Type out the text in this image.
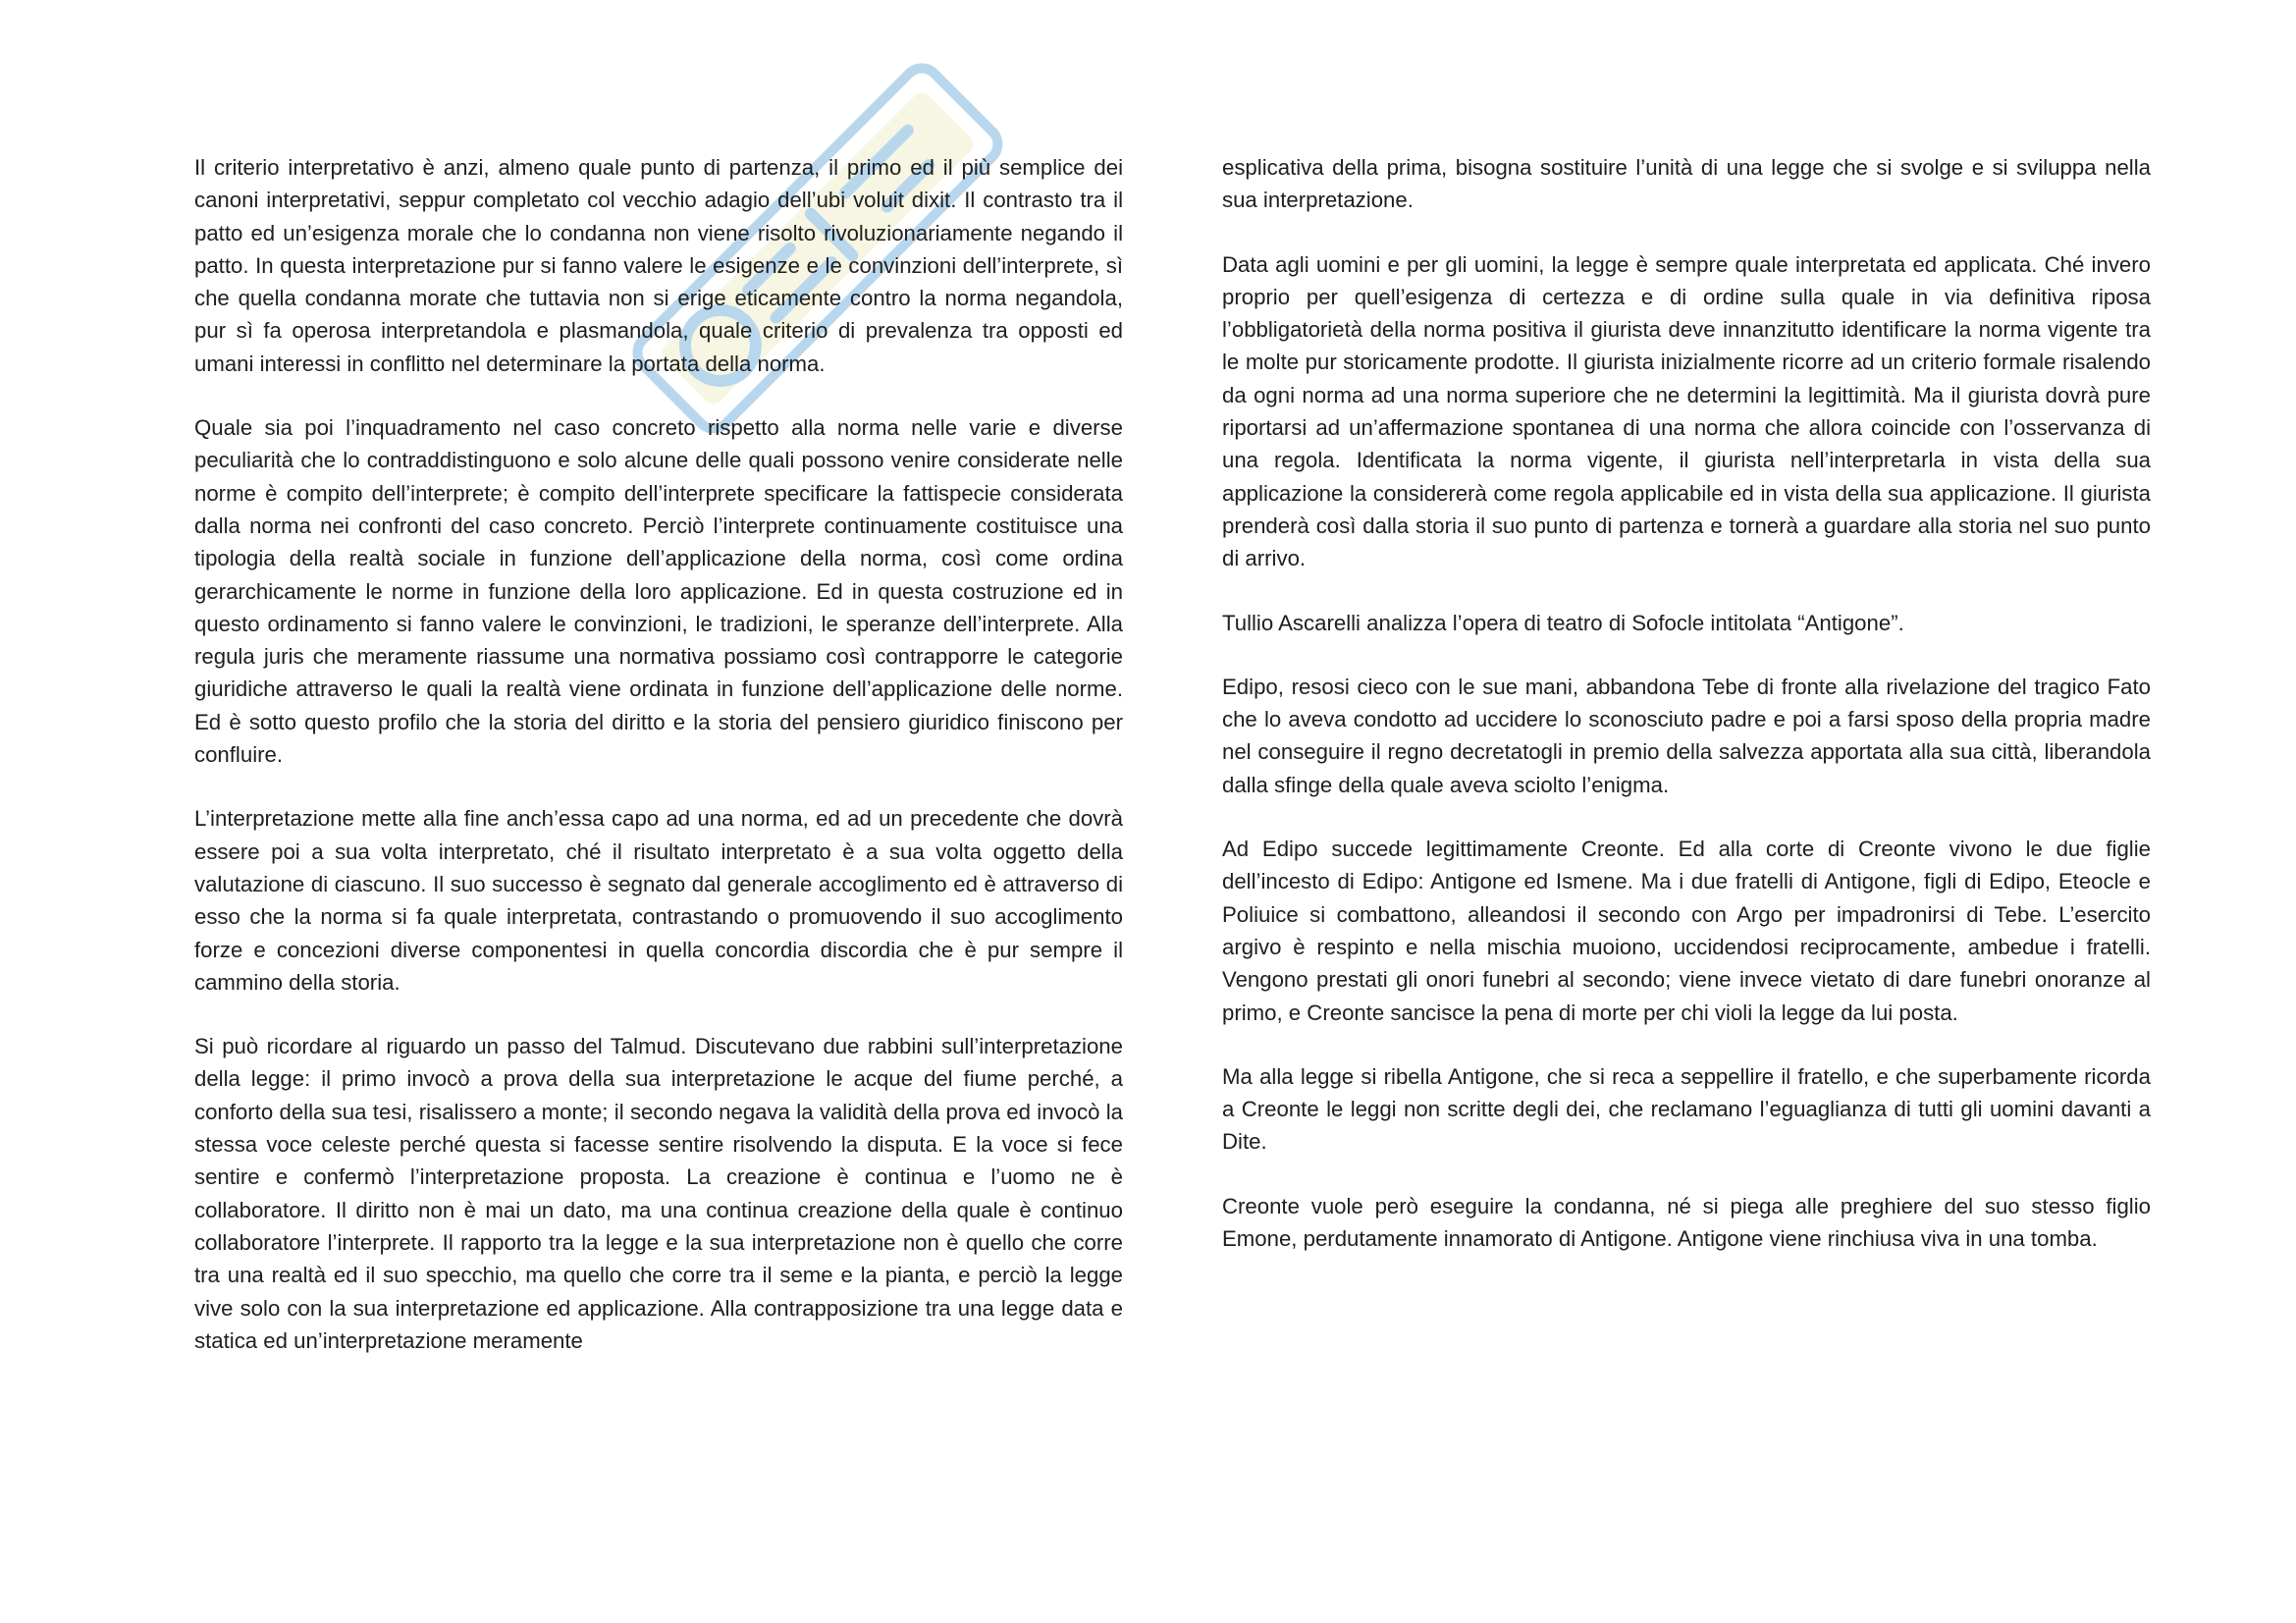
Il criterio interpretativo è anzi, almeno quale punto di partenza, il primo ed il più semplice dei canoni interpretativi, seppur completato col vecchio adagio dell’ubi voluit dixit. Il contrasto tra il patto ed un’esigenza morale che lo condanna non viene risolto rivoluzionariamente negando il patto. In questa interpretazione pur si fanno valere le esigenze e le convinzioni dell’interprete, sì che quella condanna morate che tuttavia non si erige eticamente contro la norma negandola, pur sì fa operosa interpretandola e plasmandola, quale criterio di prevalenza tra opposti ed umani interessi in conflitto nel determinare la portata della norma.

Quale sia poi l’inquadramento nel caso concreto rispetto alla norma nelle varie e diverse peculiarità che lo contraddistinguono e solo alcune delle quali possono venire considerate nelle norme è compito dell’interprete; è compito dell’interprete specificare la fattispecie considerata dalla norma nei confronti del caso concreto. Perciò l’interprete continuamente costituisce una tipologia della realtà sociale in funzione dell’applicazione della norma, così come ordina gerarchicamente le norme in funzione della loro applicazione. Ed in questa costruzione ed in questo ordinamento si fanno valere le convinzioni, le tradizioni, le speranze dell’interprete. Alla regula juris che meramente riassume una normativa possiamo così contrapporre le categorie giuridiche attraverso le quali la realtà viene ordinata in funzione dell’applicazione delle norme. Ed è sotto questo profilo che la storia del diritto e la storia del pensiero giuridico finiscono per confluire.

L’interpretazione mette alla fine anch’essa capo ad una norma, ed ad un precedente che dovrà essere poi a sua volta interpretato, ché il risultato interpretato è a sua volta oggetto della valutazione di ciascuno. Il suo successo è segnato dal generale accoglimento ed è attraverso di esso che la norma si fa quale interpretata, contrastando o promuovendo il suo accoglimento forze e concezioni diverse componentesi in quella concordia discordia che è pur sempre il cammino della storia.

Si può ricordare al riguardo un passo del Talmud. Discutevano due rabbini sull’interpretazione della legge: il primo invocò a prova della sua interpretazione le acque del fiume perché, a conforto della sua tesi, risalissero a monte; il secondo negava la validità della prova ed invocò la stessa voce celeste perché questa si facesse sentire risolvendo la disputa. E la voce si fece sentire e confermò l’interpretazione proposta. La creazione è continua e l’uomo ne è collaboratore. Il diritto non è mai un dato, ma una continua creazione della quale è continuo collaboratore l’interprete. Il rapporto tra la legge e la sua interpretazione non è quello che corre tra una realtà ed il suo specchio, ma quello che corre tra il seme e la pianta, e perciò la legge vive solo con la sua interpretazione ed applicazione. Alla contrapposizione tra una legge data e statica ed un’interpretazione meramente

esplicativa della prima, bisogna sostituire l’unità di una legge che si svolge e si sviluppa nella sua interpretazione.

Data agli uomini e per gli uomini, la legge è sempre quale interpretata ed applicata. Ché invero proprio per quell’esigenza di certezza e di ordine sulla quale in via definitiva riposa l’obbligatorietà della norma positiva il giurista deve innanzitutto identificare la norma vigente tra le molte pur storicamente prodotte. Il giurista inizialmente ricorre ad un criterio formale risalendo da ogni norma ad una norma superiore che ne determini la legittimità. Ma il giurista dovrà pure riportarsi ad un’affermazione spontanea di una norma che allora coincide con l’osservanza di una regola. Identificata la norma vigente, il giurista nell’interpretarla in vista della sua applicazione la considererà come regola applicabile ed in vista della sua applicazione. Il giurista prenderà così dalla storia il suo punto di partenza e tornerà a guardare alla storia nel suo punto di arrivo.

Tullio Ascarelli analizza l’opera di teatro di Sofocle intitolata “Antigone”.

Edipo, resosi cieco con le sue mani, abbandona Tebe di fronte alla rivelazione del tragico Fato che lo aveva condotto ad uccidere lo sconosciuto padre e poi a farsi sposo della propria madre nel conseguire il regno decretatogli in premio della salvezza apportata alla sua città, liberandola dalla sfinge della quale aveva sciolto l’enigma.

Ad Edipo succede legittimamente Creonte. Ed alla corte di Creonte vivono le due figlie dell’incesto di Edipo: Antigone ed Ismene. Ma i due fratelli di Antigone, figli di Edipo, Eteocle e Poliuice si combattono, alleandosi il secondo con Argo per impadronirsi di Tebe. L’esercito argivo è respinto e nella mischia muoiono, uccidendosi reciprocamente, ambedue i fratelli. Vengono prestati gli onori funebri al secondo; viene invece vietato di dare funebri onoranze al primo, e Creonte sancisce la pena di morte per chi violi la legge da lui posta.

Ma alla legge si ribella Antigone, che si reca a seppellire il fratello, e che superbamente ricorda a Creonte le leggi non scritte degli dei, che reclamano l’eguaglianza di tutti gli uomini davanti a Dite.

Creonte vuole però eseguire la condanna, né si piega alle preghiere del suo stesso figlio Emone, perdutamente innamorato di Antigone. Antigone viene rinchiusa viva in una tomba.
